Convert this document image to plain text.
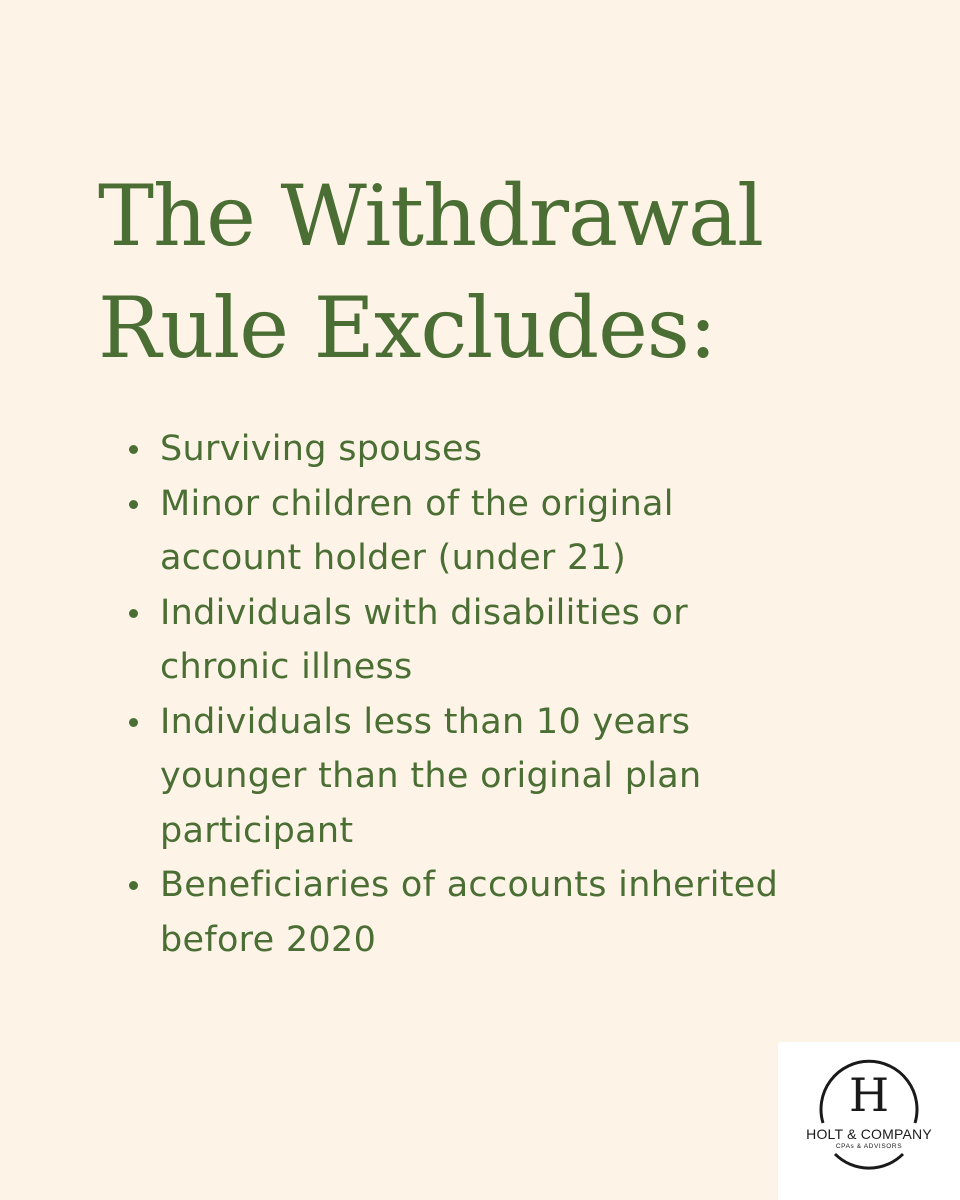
The Withdrawal
Rule Excludes:
Surviving spouses
Minor children of the original
account holder (under 21)
Individuals with disabilities or
chronic illness
Individuals less than 10 years
younger than the original plan
participant
Beneficiaries of accounts inherited
before 2020
H
HOLT & COMPANY
CPAs & ADVISORS
